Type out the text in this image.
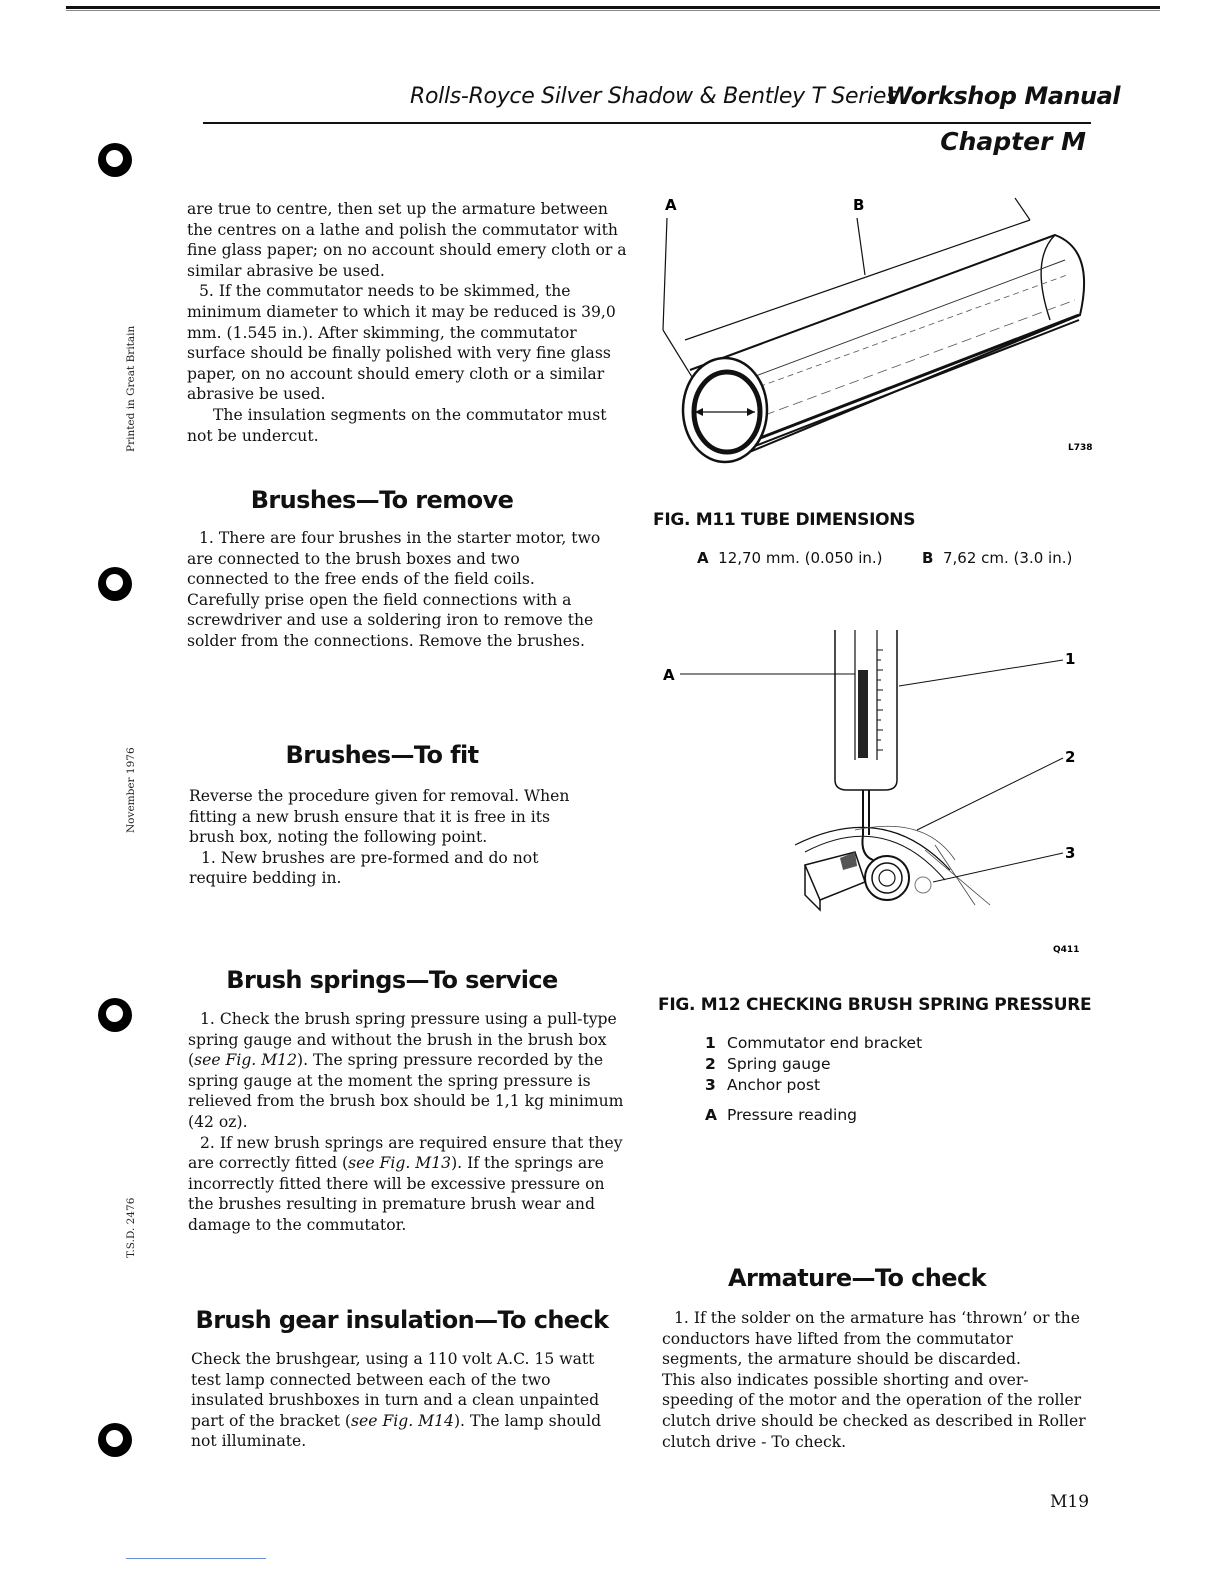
Rolls-Royce Silver Shadow & Bentley T Series
Workshop Manual
Chapter M
Printed in Great Britain
November 1976
T.S.D. 2476

are true to centre, then set up the armature between the centres on a lathe and polish the commutator with fine glass paper; on no account should emery cloth or a similar abrasive be used.

5. If the commutator needs to be skimmed, the minimum diameter to which it may be reduced is 39,0 mm. (1.545 in.). After skimming, the commutator surface should be finally polished with very fine glass paper, on no account should emery cloth or a similar abrasive be used.

The insulation segments on the commutator must not be undercut.

Brushes—To remove

1. There are four brushes in the starter motor, two are connected to the brush boxes and two connected to the free ends of the field coils. Carefully prise open the field connections with a screwdriver and use a soldering iron to remove the solder from the connections. Remove the brushes.

Brushes—To fit

Reverse the procedure given for removal. When fitting a new brush ensure that it is free in its brush box, noting the following point.

1. New brushes are pre-formed and do not require bedding in.

Brush springs—To service

1. Check the brush spring pressure using a pull-type spring gauge and without the brush in the brush box (see Fig. M12). The spring pressure recorded by the spring gauge at the moment the spring pressure is relieved from the brush box should be 1,1 kg minimum (42 oz).

2. If new brush springs are required ensure that they are correctly fitted (see Fig. M13). If the springs are incorrectly fitted there will be excessive pressure on the brushes resulting in premature brush wear and damage to the commutator.

Brush gear insulation—To check

Check the brushgear, using a 110 volt A.C. 15 watt test lamp connected between each of the two insulated brushboxes in turn and a clean unpainted part of the bracket (see Fig. M14). The lamp should not illuminate.

A	B
L738
FIG. M11 TUBE DIMENSIONS
A 12,70 mm. (0.050 in.)	B 7,62 cm. (3.0 in.)
A
1
2
3
Q411
FIG. M12 CHECKING BRUSH SPRING PRESSURE
1 Commutator end bracket
2 Spring gauge
3 Anchor post
A Pressure reading
Armature—To check

1. If the solder on the armature has ‘thrown’ or the conductors have lifted from the commutator segments, the armature should be discarded.

This also indicates possible shorting and over-speeding of the motor and the operation of the roller clutch drive should be checked as described in Roller clutch drive - To check.

M19
